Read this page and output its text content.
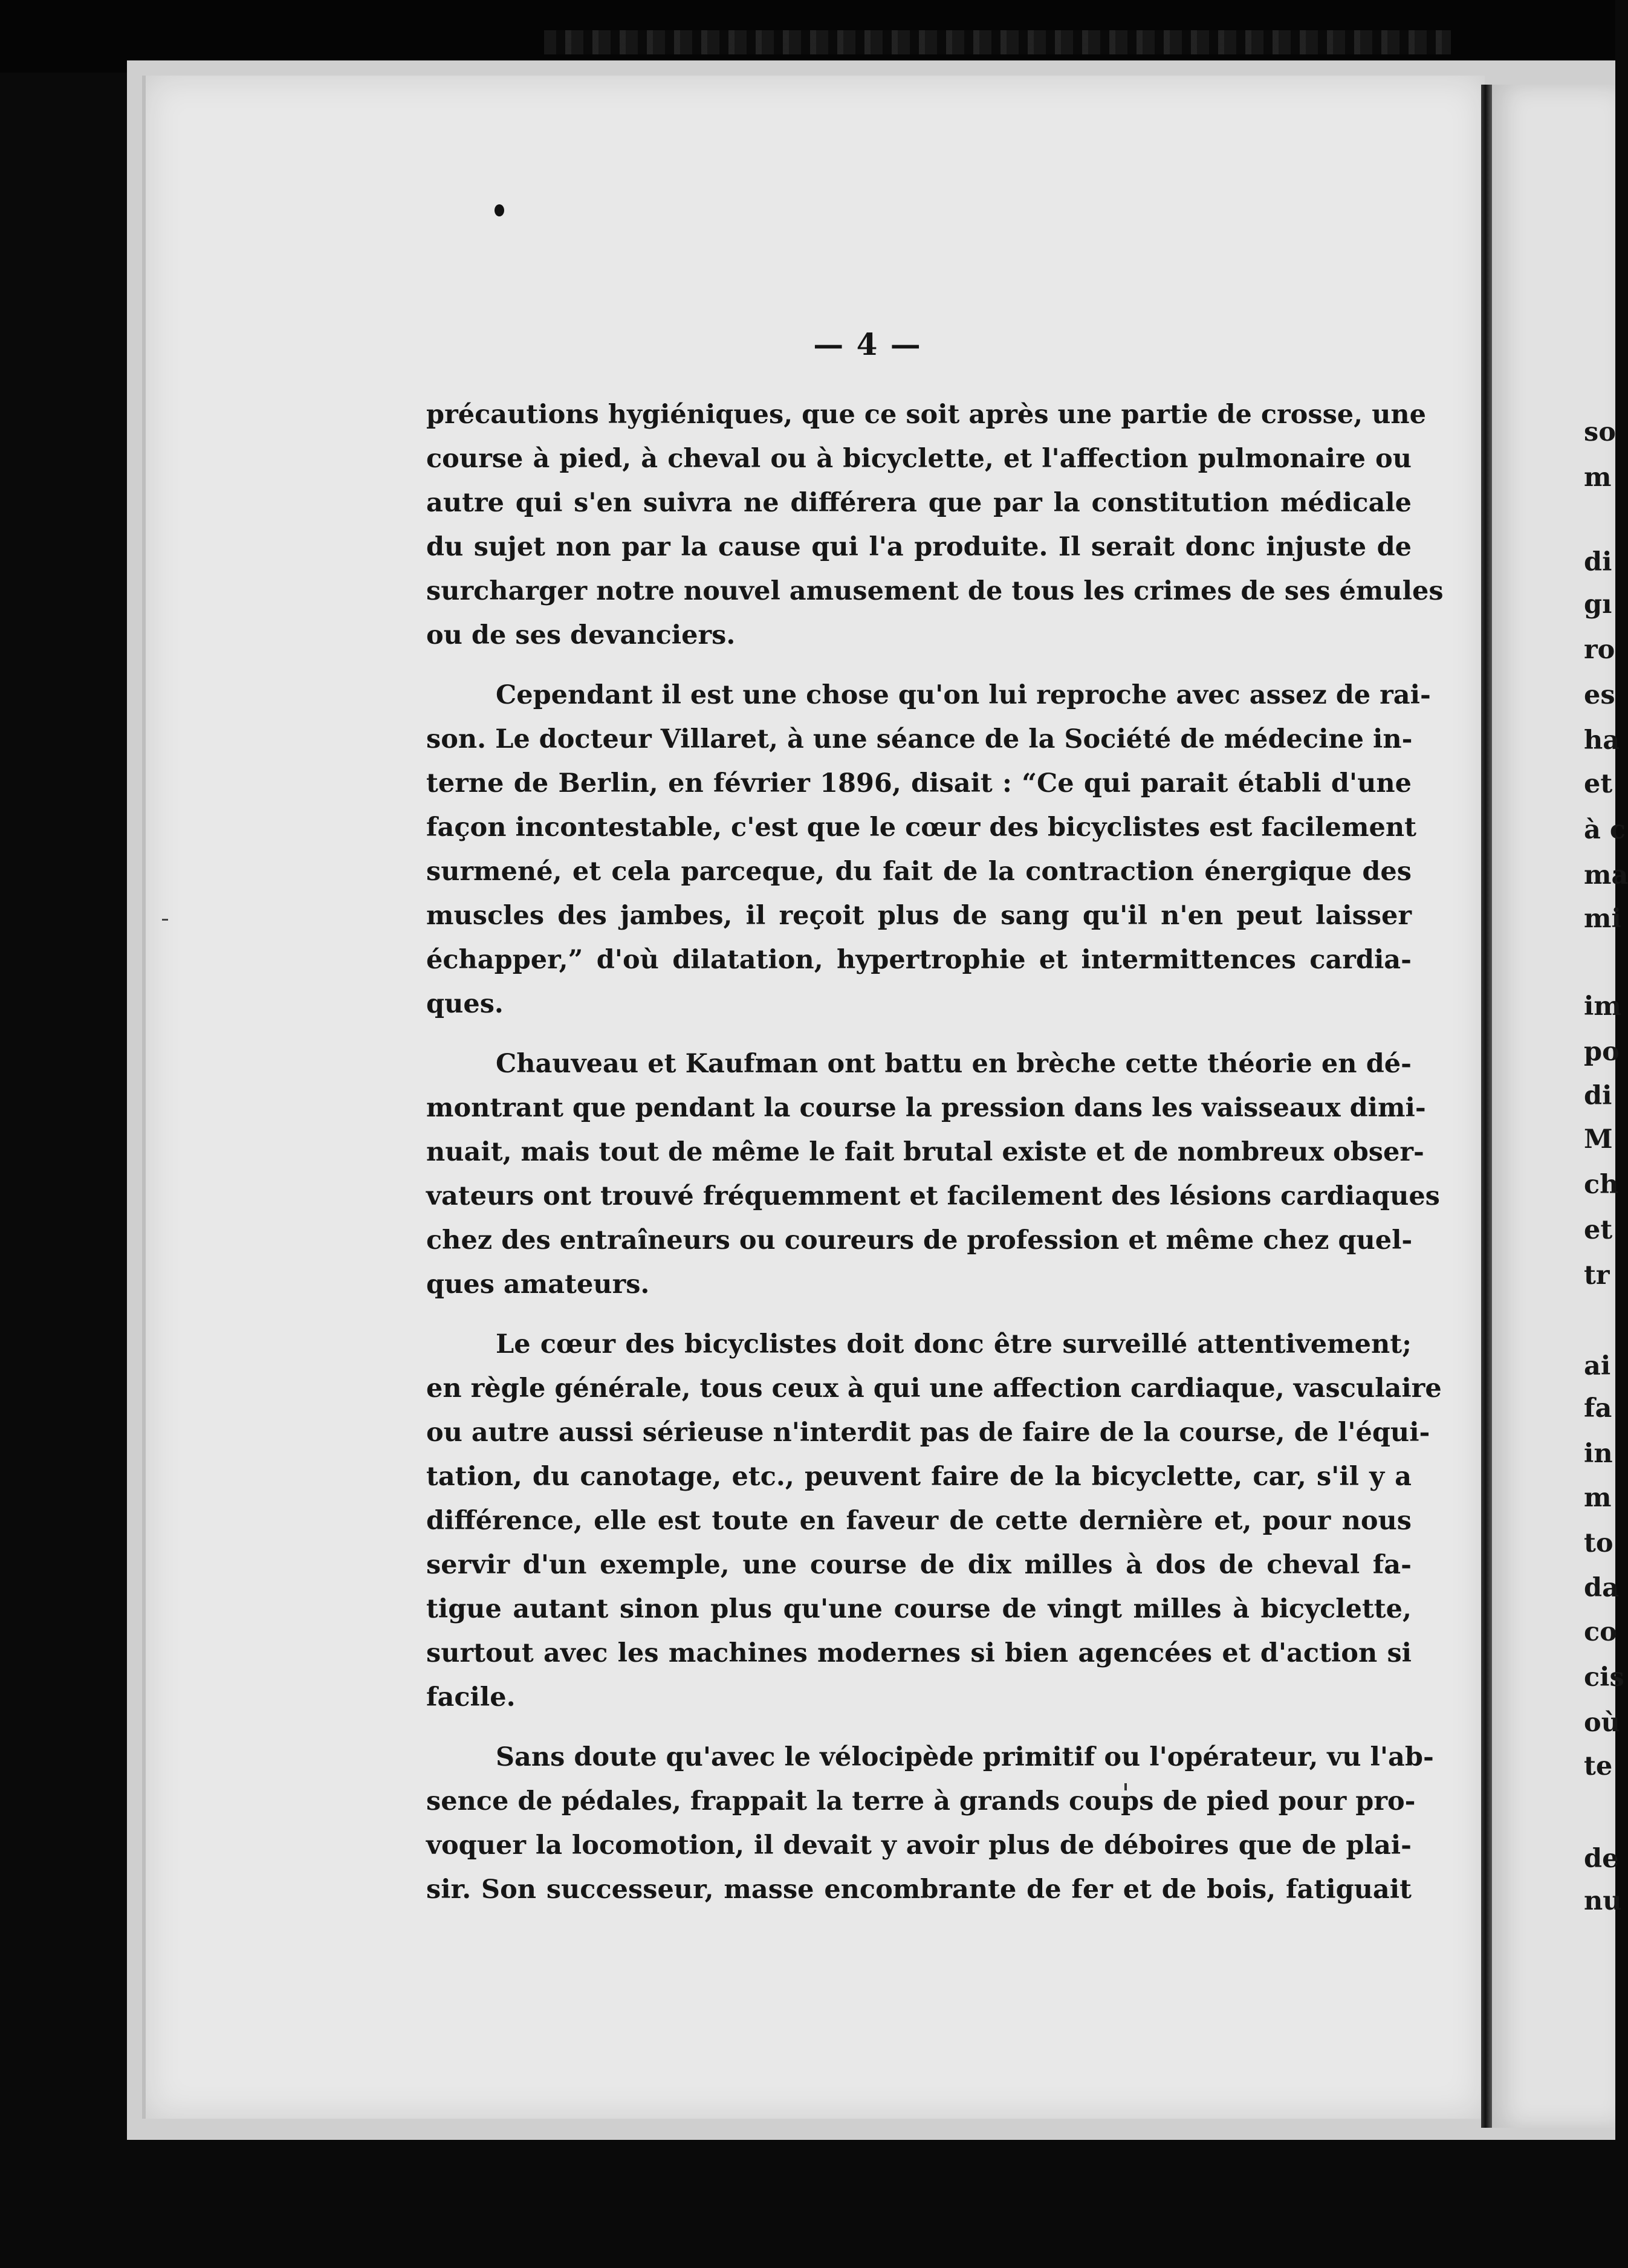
— 4 —
précautions hygiéniques, que ce soit après une partie de crosse, une
course à pied, à cheval ou à bicyclette, et l'affection pulmonaire ou
autre qui s'en suivra ne différera que par la constitution médicale
du sujet non par la cause qui l'a produite. Il serait donc injuste de
surcharger notre nouvel amusement de tous les crimes de ses émules
ou de ses devanciers.
Cependant il est une chose qu'on lui reproche avec assez de rai-
son. Le docteur Villaret, à une séance de la Société de médecine in-
terne de Berlin, en février 1896, disait : “Ce qui parait établi d'une
façon incontestable, c'est que le cœur des bicyclistes est facilement
surmené, et cela parceque, du fait de la contraction énergique des
muscles des jambes, il reçoit plus de sang qu'il n'en peut laisser
échapper,” d'où dilatation, hypertrophie et intermittences cardia-
ques.
Chauveau et Kaufman ont battu en brèche cette théorie en dé-
montrant que pendant la course la pression dans les vaisseaux dimi-
nuait, mais tout de même le fait brutal existe et de nombreux obser-
vateurs ont trouvé fréquemment et facilement des lésions cardiaques
chez des entraîneurs ou coureurs de profession et même chez quel-
ques amateurs.
Le cœur des bicyclistes doit donc être surveillé attentivement;
en règle générale, tous ceux à qui une affection cardiaque, vasculaire
ou autre aussi sérieuse n'interdit pas de faire de la course, de l'équi-
tation, du canotage, etc., peuvent faire de la bicyclette, car, s'il y a
différence, elle est toute en faveur de cette dernière et, pour nous
servir d'un exemple, une course de dix milles à dos de cheval fa-
tigue autant sinon plus qu'une course de vingt milles à bicyclette,
surtout avec les machines modernes si bien agencées et d'action si
facile.
Sans doute qu'avec le vélocipède primitif ou l'opérateur, vu l'ab-
sence de pédales, frappait la terre à grands coups de pied pour pro-
voquer la locomotion, il devait y avoir plus de déboires que de plai-
sir. Son successeur, masse encombrante de fer et de bois, fatiguait
so
m
di
gı
ro
es
ha
et
à c
ma
mi
im
po
di
M
ch
et
tr
ai
fa
in
m
to
da
co
cis
où
te
de
nu
